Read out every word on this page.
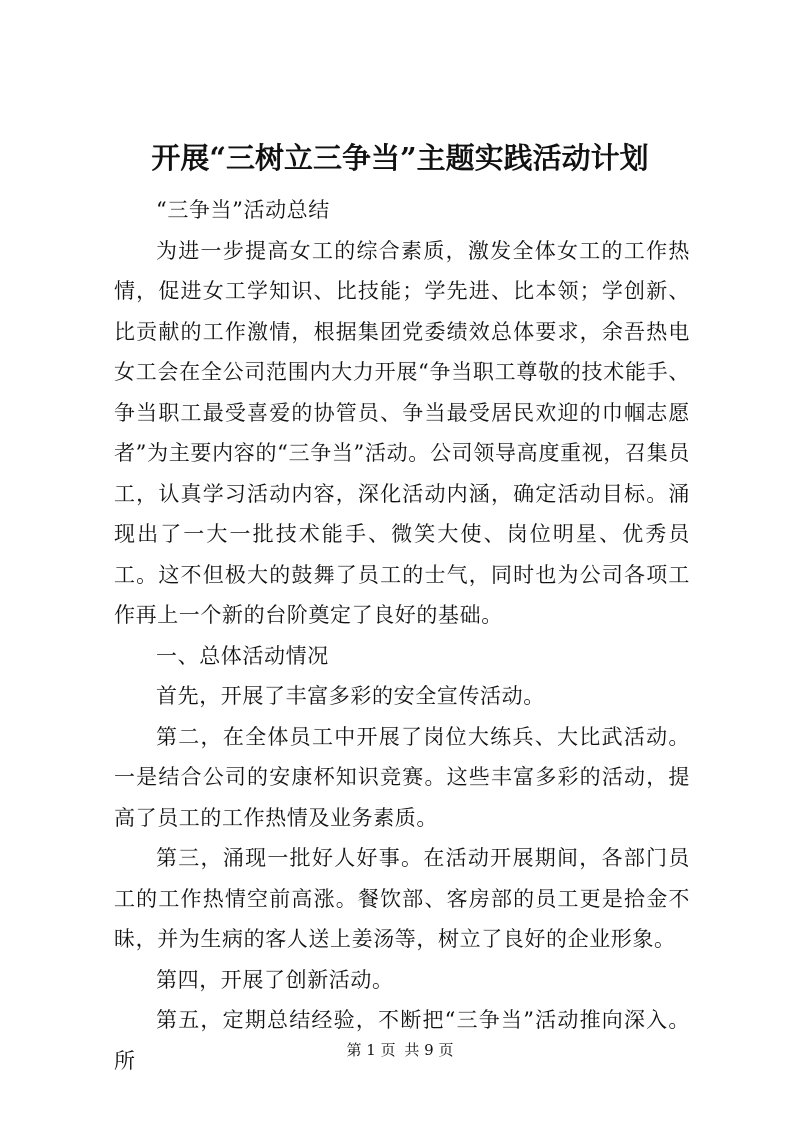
开展“三树立三争当”主题实践活动计划

“三争当”活动总结

为进一步提高女工的综合素质，激发全体女工的工作热情，促进女工学知识、比技能；学先进、比本领；学创新、比贡献的工作激情，根据集团党委绩效总体要求，余吾热电女工会在全公司范围内大力开展“争当职工尊敬的技术能手、争当职工最受喜爱的协管员、争当最受居民欢迎的巾帼志愿者”为主要内容的“三争当”活动。公司领导高度重视，召集员工，认真学习活动内容，深化活动内涵，确定活动目标。涌现出了一大一批技术能手、微笑大使、岗位明星、优秀员工。这不但极大的鼓舞了员工的士气，同时也为公司各项工作再上一个新的台阶奠定了良好的基础。

一、总体活动情况

首先，开展了丰富多彩的安全宣传活动。

第二，在全体员工中开展了岗位大练兵、大比武活动。一是结合公司的安康杯知识竞赛。这些丰富多彩的活动，提高了员工的工作热情及业务素质。

第三，涌现一批好人好事。在活动开展期间，各部门员工的工作热情空前高涨。餐饮部、客房部的员工更是拾金不昧，并为生病的客人送上姜汤等，树立了良好的企业形象。

第四，开展了创新活动。

第五，定期总结经验，不断把“三争当”活动推向深入。所	第 1 页 共 9 页
